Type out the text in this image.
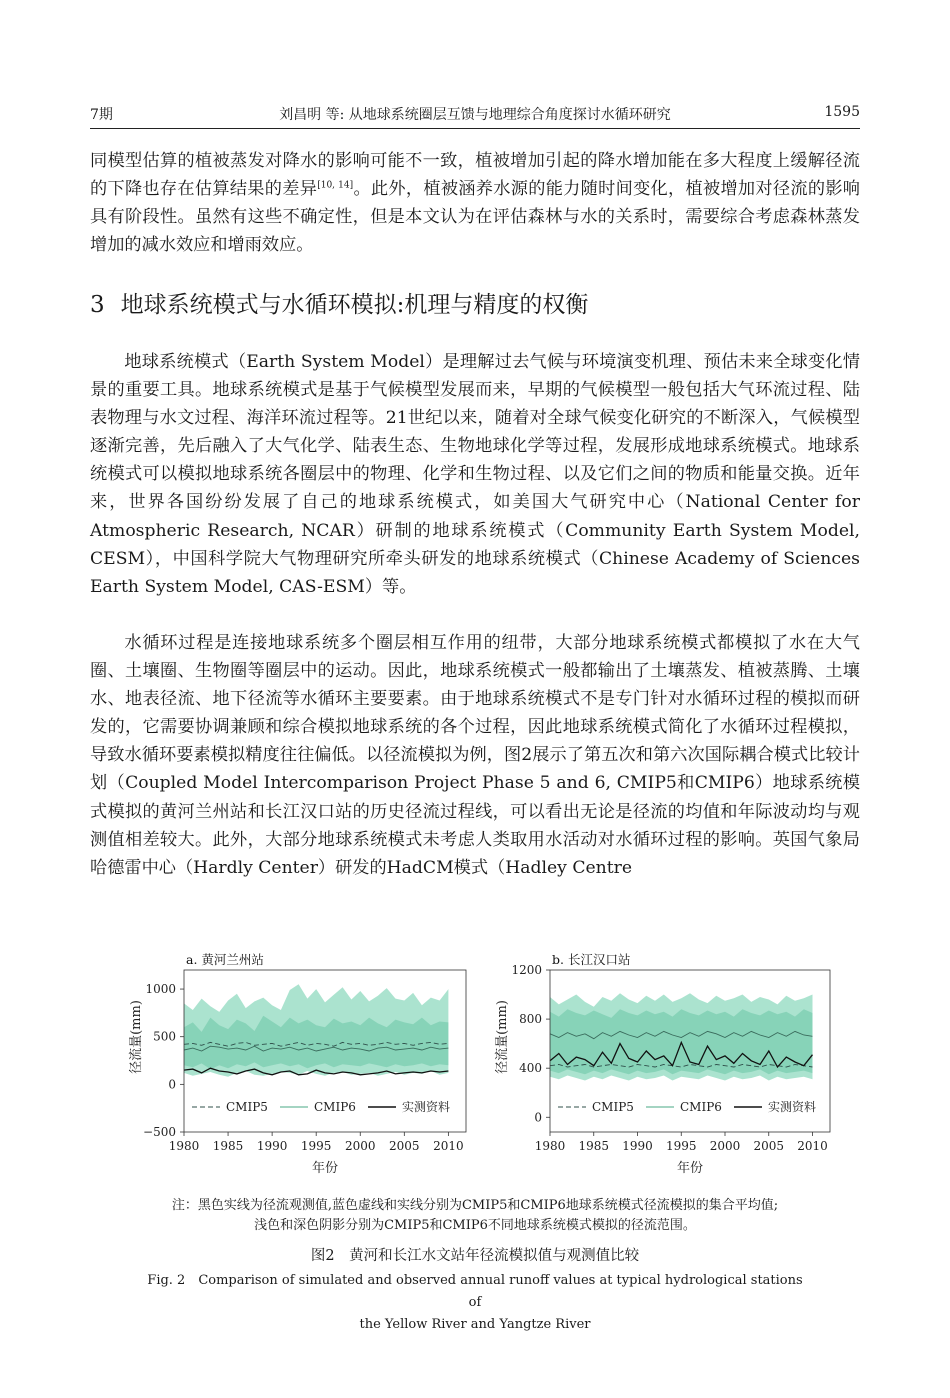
7期	刘昌明 等: 从地球系统圈层互馈与地理综合角度探讨水循环研究	1595

同模型估算的植被蒸发对降水的影响可能不一致，植被增加引起的降水增加能在多大程度上缓解径流的下降也存在估算结果的差异[10, 14]。此外，植被涵养水源的能力随时间变化，植被增加对径流的影响具有阶段性。虽然有这些不确定性，但是本文认为在评估森林与水的关系时，需要综合考虑森林蒸发增加的减水效应和增雨效应。

3 地球系统模式与水循环模拟:机理与精度的权衡

地球系统模式（Earth System Model）是理解过去气候与环境演变机理、预估未来全球变化情景的重要工具。地球系统模式是基于气候模型发展而来，早期的气候模型一般包括大气环流过程、陆表物理与水文过程、海洋环流过程等。21世纪以来，随着对全球气候变化研究的不断深入，气候模型逐渐完善，先后融入了大气化学、陆表生态、生物地球化学等过程，发展形成地球系统模式。地球系统模式可以模拟地球系统各圈层中的物理、化学和生物过程、以及它们之间的物质和能量交换。近年来，世界各国纷纷发展了自己的地球系统模式，如美国大气研究中心（National Center for Atmospheric Research, NCAR）研制的地球系统模式（Community Earth System Model, CESM），中国科学院大气物理研究所牵头研发的地球系统模式（Chinese Academy of Sciences Earth System Model, CAS-ESM）等。

水循环过程是连接地球系统多个圈层相互作用的纽带，大部分地球系统模式都模拟了水在大气圈、土壤圈、生物圈等圈层中的运动。因此，地球系统模式一般都输出了土壤蒸发、植被蒸腾、土壤水、地表径流、地下径流等水循环主要要素。由于地球系统模式不是专门针对水循环过程的模拟而研发的，它需要协调兼顾和综合模拟地球系统的各个过程，因此地球系统模式简化了水循环过程模拟，导致水循环要素模拟精度往往偏低。以径流模拟为例，图2展示了第五次和第六次国际耦合模式比较计划（Coupled Model Intercomparison Project Phase 5 and 6, CMIP5和CMIP6）地球系统模式模拟的黄河兰州站和长江汉口站的历史径流过程线，可以看出无论是径流的均值和年际波动均与观测值相差较大。此外，大部分地球系统模式未考虑人类取用水活动对水循环过程的影响。英国气象局哈德雷中心（Hardly Center）研发的HadCM模式（Hadley Centre

−500
0
500
1000
1980 1985 1990 1995 2000 2005 2010
a. 黄河兰州站
年份
径流量(mm)
CMIP5	CMIP6	实测资料
0
400
800
1200
1980 1985 1990 1995 2000 2005 2010
b. 长江汉口站
年份
径流量(mm)
CMIP5	CMIP6	实测资料
注：黑色实线为径流观测值,蓝色虚线和实线分别为CMIP5和CMIP6地球系统模式径流模拟的集合平均值;
浅色和深色阴影分别为CMIP5和CMIP6不同地球系统模式模拟的径流范围。
图2　黄河和长江水文站年径流模拟值与观测值比较
Fig. 2　Comparison of simulated and observed annual runoff values at typical hydrological stations of
the Yellow River and Yangtze River
